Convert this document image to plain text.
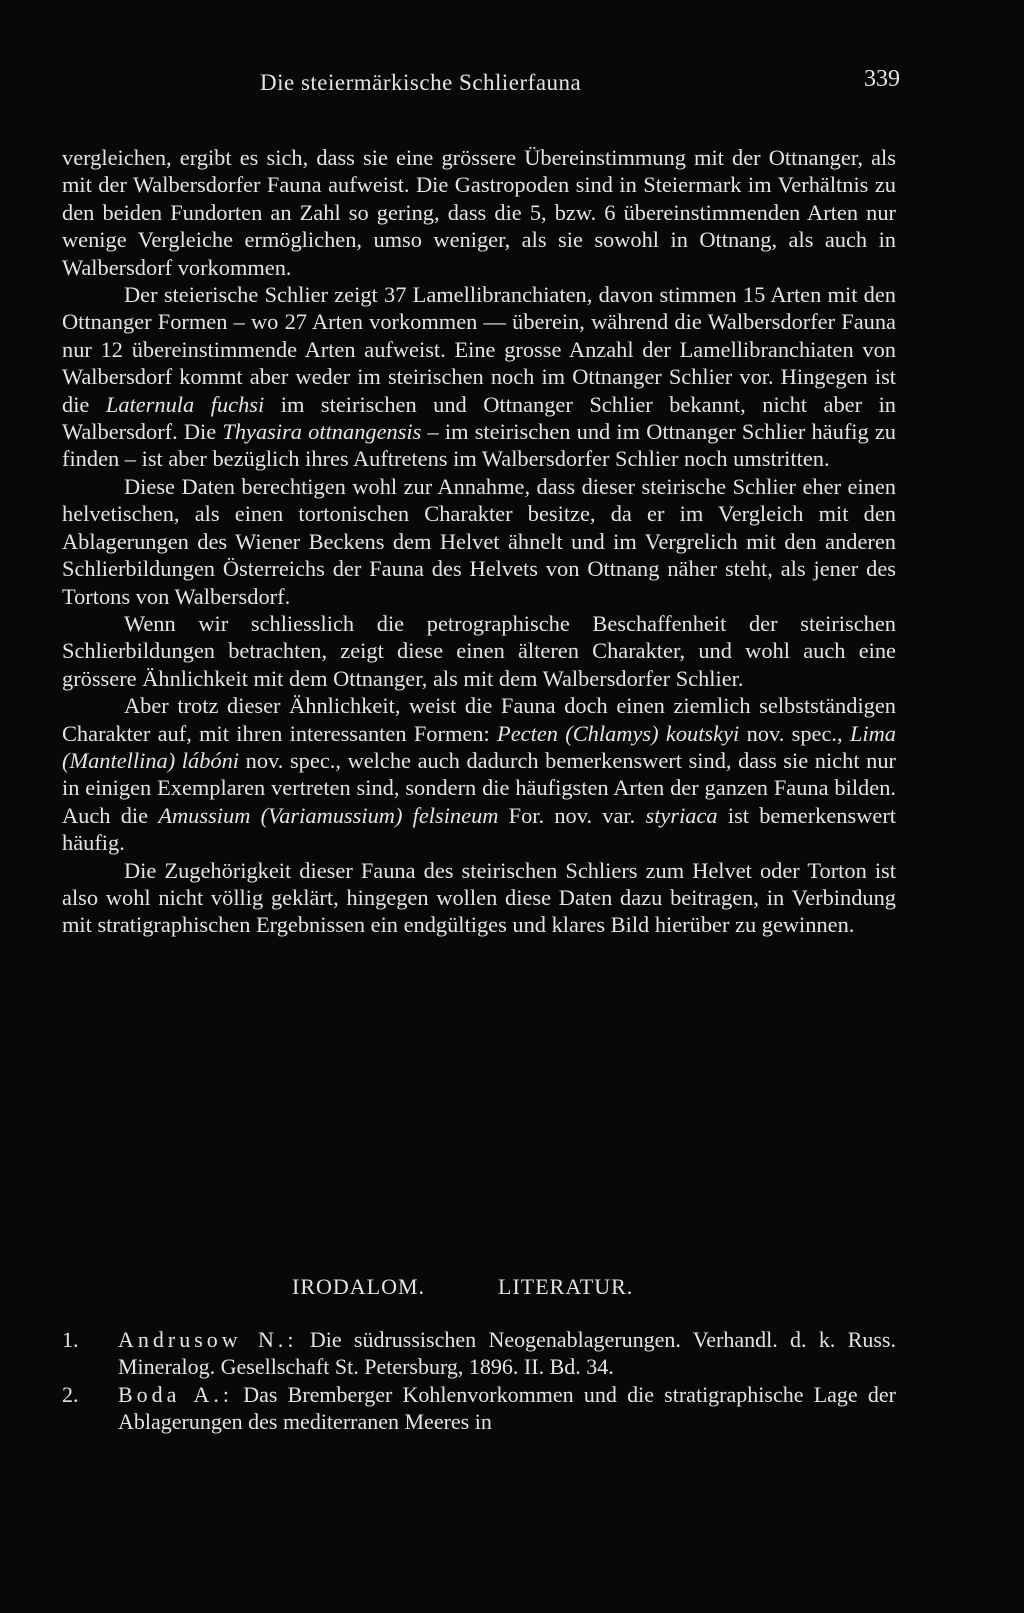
Die steiermärkische Schlierfauna	339

vergleichen, ergibt es sich, dass sie eine grössere Übereinstimmung mit der Ottnanger, als mit der Walbersdorfer Fauna aufweist. Die Gastropoden sind in Steiermark im Verhältnis zu den beiden Fundorten an Zahl so gering, dass die 5, bzw. 6 übereinstimmenden Arten nur wenige Vergleiche ermöglichen, umso weniger, als sie sowohl in Ottnang, als auch in Walbersdorf vorkommen.

Der steierische Schlier zeigt 37 Lamellibranchiaten, davon stimmen 15 Arten mit den Ottnanger Formen – wo 27 Arten vorkommen — überein, während die Walbersdorfer Fauna nur 12 übereinstimmende Arten aufweist. Eine grosse Anzahl der Lamellibranchiaten von Walbersdorf kommt aber weder im steirischen noch im Ottnanger Schlier vor. Hingegen ist die Laternula fuchsi im steirischen und Ottnanger Schlier bekannt, nicht aber in Walbersdorf. Die Thyasira ottnangensis – im steirischen und im Ottnanger Schlier häufig zu finden – ist aber bezüglich ihres Auftretens im Walbersdorfer Schlier noch umstritten.

Diese Daten berechtigen wohl zur Annahme, dass dieser steirische Schlier eher einen helvetischen, als einen tortonischen Charakter besitze, da er im Vergleich mit den Ablagerungen des Wiener Beckens dem Helvet ähnelt und im Vergrelich mit den anderen Schlierbildungen Österreichs der Fauna des Helvets von Ottnang näher steht, als jener des Tortons von Walbersdorf.

Wenn wir schliesslich die petrographische Beschaffenheit der steirischen Schlierbildungen betrachten, zeigt diese einen älteren Charakter, und wohl auch eine grössere Ähnlichkeit mit dem Ottnanger, als mit dem Walbersdorfer Schlier.

Aber trotz dieser Ähnlichkeit, weist die Fauna doch einen ziemlich selbstständigen Charakter auf, mit ihren interessanten Formen: Pecten (Chlamys) koutskyi nov. spec., Lima (Mantellina) lábóni nov. spec., welche auch dadurch bemerkenswert sind, dass sie nicht nur in einigen Exemplaren vertreten sind, sondern die häufigsten Arten der ganzen Fauna bilden. Auch die Amussium (Variamussium) felsineum For. nov. var. styriaca ist bemerkenswert häufig.

Die Zugehörigkeit dieser Fauna des steirischen Schliers zum Helvet oder Torton ist also wohl nicht völlig geklärt, hingegen wollen diese Daten dazu beitragen, in Verbindung mit stratigraphischen Ergebnissen ein endgültiges und klares Bild hierüber zu gewinnen.

IRODALOM.	LITERATUR.
1. Andrusow N.: Die südrussischen Neogenablagerungen. Verhandl. d. k. Russ. Mineralog. Gesellschaft St. Petersburg, 1896. II. Bd. 34.
2. Boda A.: Das Bremberger Kohlenvorkommen und die stratigraphische Lage der Ablagerungen des mediterranen Meeres in
